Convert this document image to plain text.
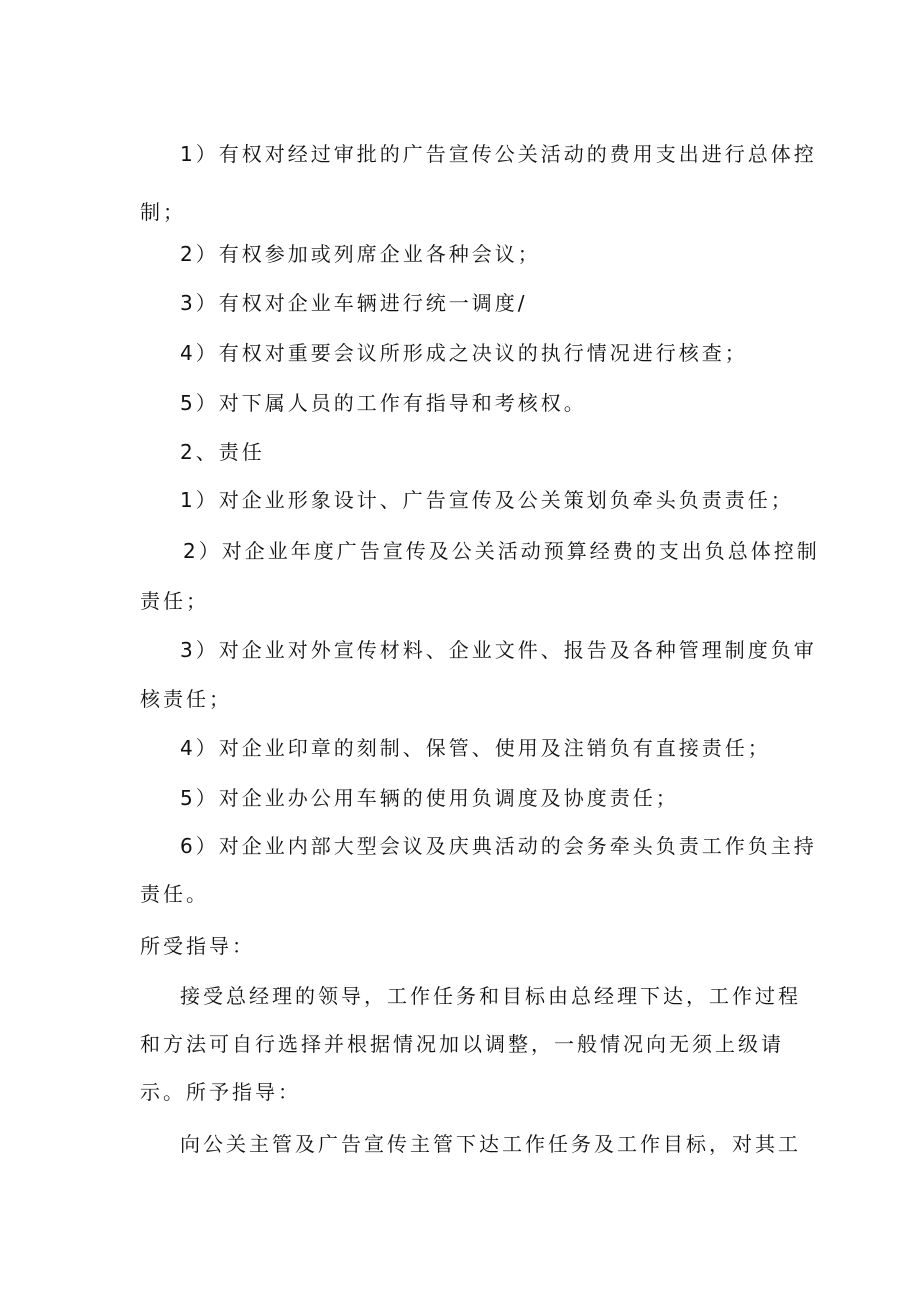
1）有权对经过审批的广告宣传公关活动的费用支出进行总体控

制；

2）有权参加或列席企业各种会议；

3）有权对企业车辆进行统一调度/

4）有权对重要会议所形成之决议的执行情况进行核查；

5）对下属人员的工作有指导和考核权。

2、责任

1）对企业形象设计、广告宣传及公关策划负牵头负责责任；

2）对企业年度广告宣传及公关活动预算经费的支出负总体控制

责任；

3）对企业对外宣传材料、企业文件、报告及各种管理制度负审

核责任；

4）对企业印章的刻制、保管、使用及注销负有直接责任；

5）对企业办公用车辆的使用负调度及协度责任；

6）对企业内部大型会议及庆典活动的会务牵头负责工作负主持

责任。

所受指导：

接受总经理的领导，工作任务和目标由总经理下达，工作过程

和方法可自行选择并根据情况加以调整，一般情况向无须上级请

示。所予指导：

向公关主管及广告宣传主管下达工作任务及工作目标，对其工
